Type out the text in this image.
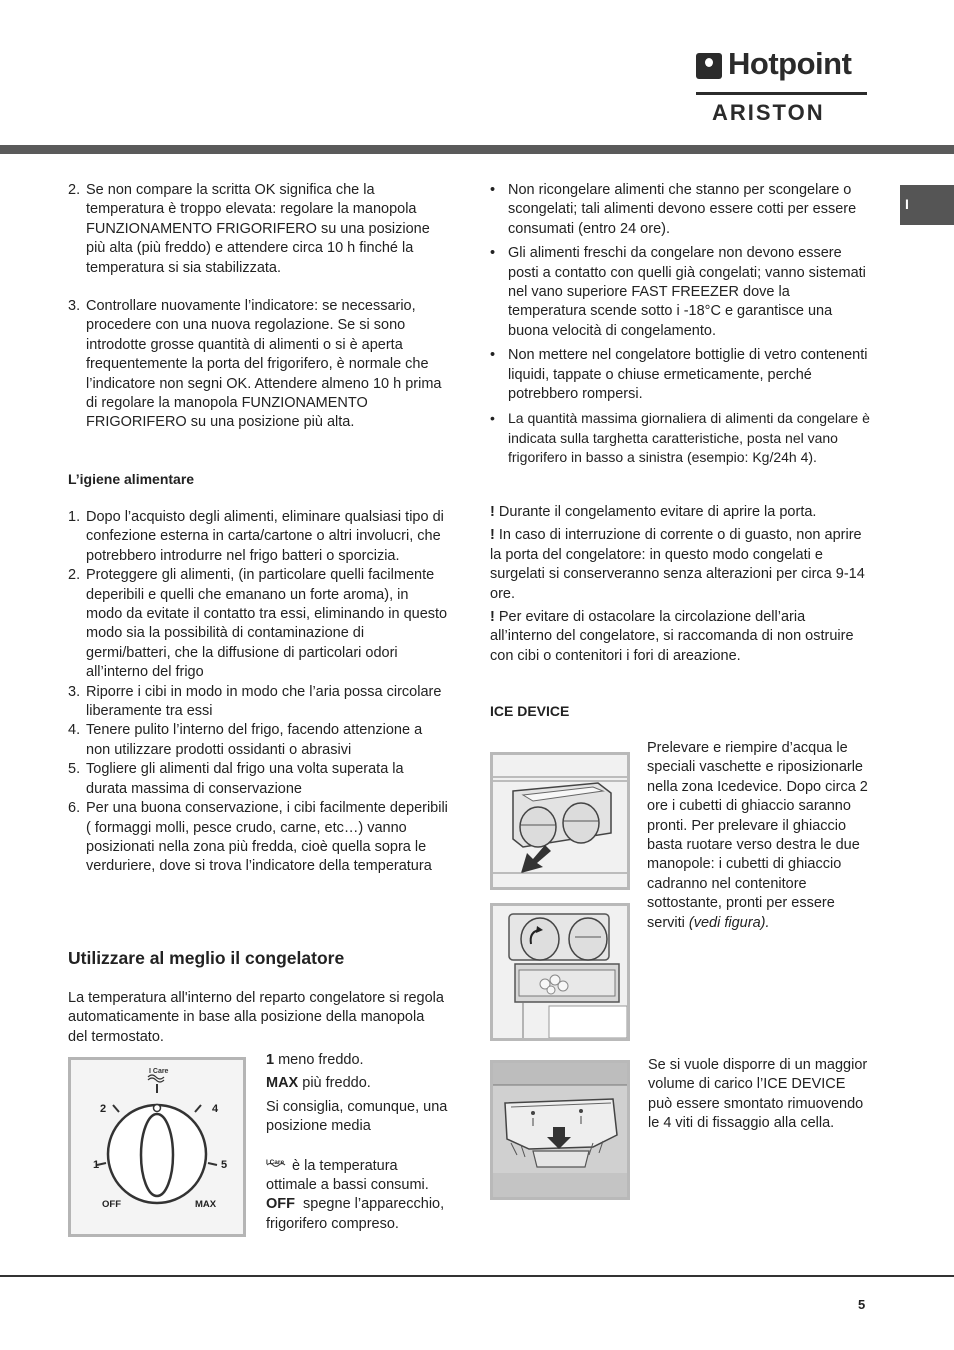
Hotpoint
ARISTON
I
2. Se non compare la scritta OK significa che la temperatura è troppo elevata: regolare la manopola FUNZIONAMENTO FRIGORIFERO su una posizione più alta (più freddo) e attendere circa 10 h finché la temperatura si sia stabilizzata.
3. Controllare nuovamente l’indicatore: se necessario, procedere con una nuova regolazione. Se si sono introdotte grosse quantità di alimenti o si è aperta frequentemente la porta del frigorifero, è normale che l’indicatore non segni OK. Attendere almeno 10 h prima di regolare la manopola FUNZIONAMENTO FRIGORIFERO su una posizione più alta.
L’igiene alimentare
1. Dopo l’acquisto degli alimenti, eliminare qualsiasi tipo di confezione esterna in carta/cartone o altri involucri, che potrebbero introdurre nel frigo batteri o sporcizia.
2. Proteggere gli alimenti, (in particolare quelli facilmente deperibili e quelli che emanano un forte aroma), in modo da evitate il contatto tra essi, eliminando in questo modo sia la possibilità di contaminazione di germi/batteri, che la diffusione di particolari odori all’interno del frigo
3. Riporre i cibi in modo in modo che l’aria possa circolare liberamente tra essi
4. Tenere pulito l’interno del frigo, facendo attenzione a non utilizzare prodotti ossidanti o abrasivi
5. Togliere gli alimenti dal frigo una volta superata la durata massima di conservazione
6. Per una buona conservazione, i cibi facilmente deperibili ( formaggi molli, pesce crudo, carne, etc…) vanno posizionati nella zona più fredda, cioè quella sopra le verduriere, dove si trova l’indicatore della temperatura
Utilizzare al meglio il congelatore

La temperatura all'interno del reparto congelatore si regola automaticamente in base alla posizione della manopola del termostato.

I Care
2	4
1	5
OFF	MAX
1 meno freddo.
MAX più freddo.
Si consiglia, comunque, una posizione media
I Care è la temperatura ottimale a bassi consumi.
OFF  spegne l’apparecchio, frigorifero compreso.
• Non ricongelare alimenti che stanno per scongelare o scongelati; tali alimenti devono essere cotti per essere consumati (entro 24 ore).
• Gli alimenti freschi da congelare non devono essere posti a contatto con quelli già congelati; vanno sistemati nel vano superiore FAST FREEZER dove la temperatura scende sotto i -18°C e garantisce una buona velocità di congelamento.
• Non mettere nel congelatore bottiglie di vetro contenenti liquidi, tappate o chiuse ermeticamente, perché potrebbero rompersi.
• La quantità massima giornaliera di alimenti da congelare è indicata sulla targhetta caratteristiche, posta nel vano frigorifero in basso a sinistra (esempio: Kg/24h 4).
! Durante il congelamento evitare di aprire la porta.
! In caso di interruzione di corrente o di guasto, non aprire la porta del congelatore: in questo modo congelati e surgelati si conserveranno senza alterazioni per circa 9-14 ore.
! Per evitare di ostacolare la circolazione dell’aria all’interno del congelatore, si raccomanda di non ostruire con cibi o contenitori i fori di areazione.
ICE DEVICE

Prelevare e riempire d’acqua le speciali vaschette e riposizionarle nella zona Icedevice. Dopo circa 2 ore i cubetti di ghiaccio saranno pronti. Per prelevare il ghiaccio basta ruotare verso destra le due manopole: i cubetti di ghiaccio cadranno nel contenitore sottostante, pronti per essere serviti (vedi figura).

Se si vuole disporre di un maggior volume di carico l’ICE DEVICE può essere smontato rimuovendo le 4 viti di fissaggio alla cella.

5
